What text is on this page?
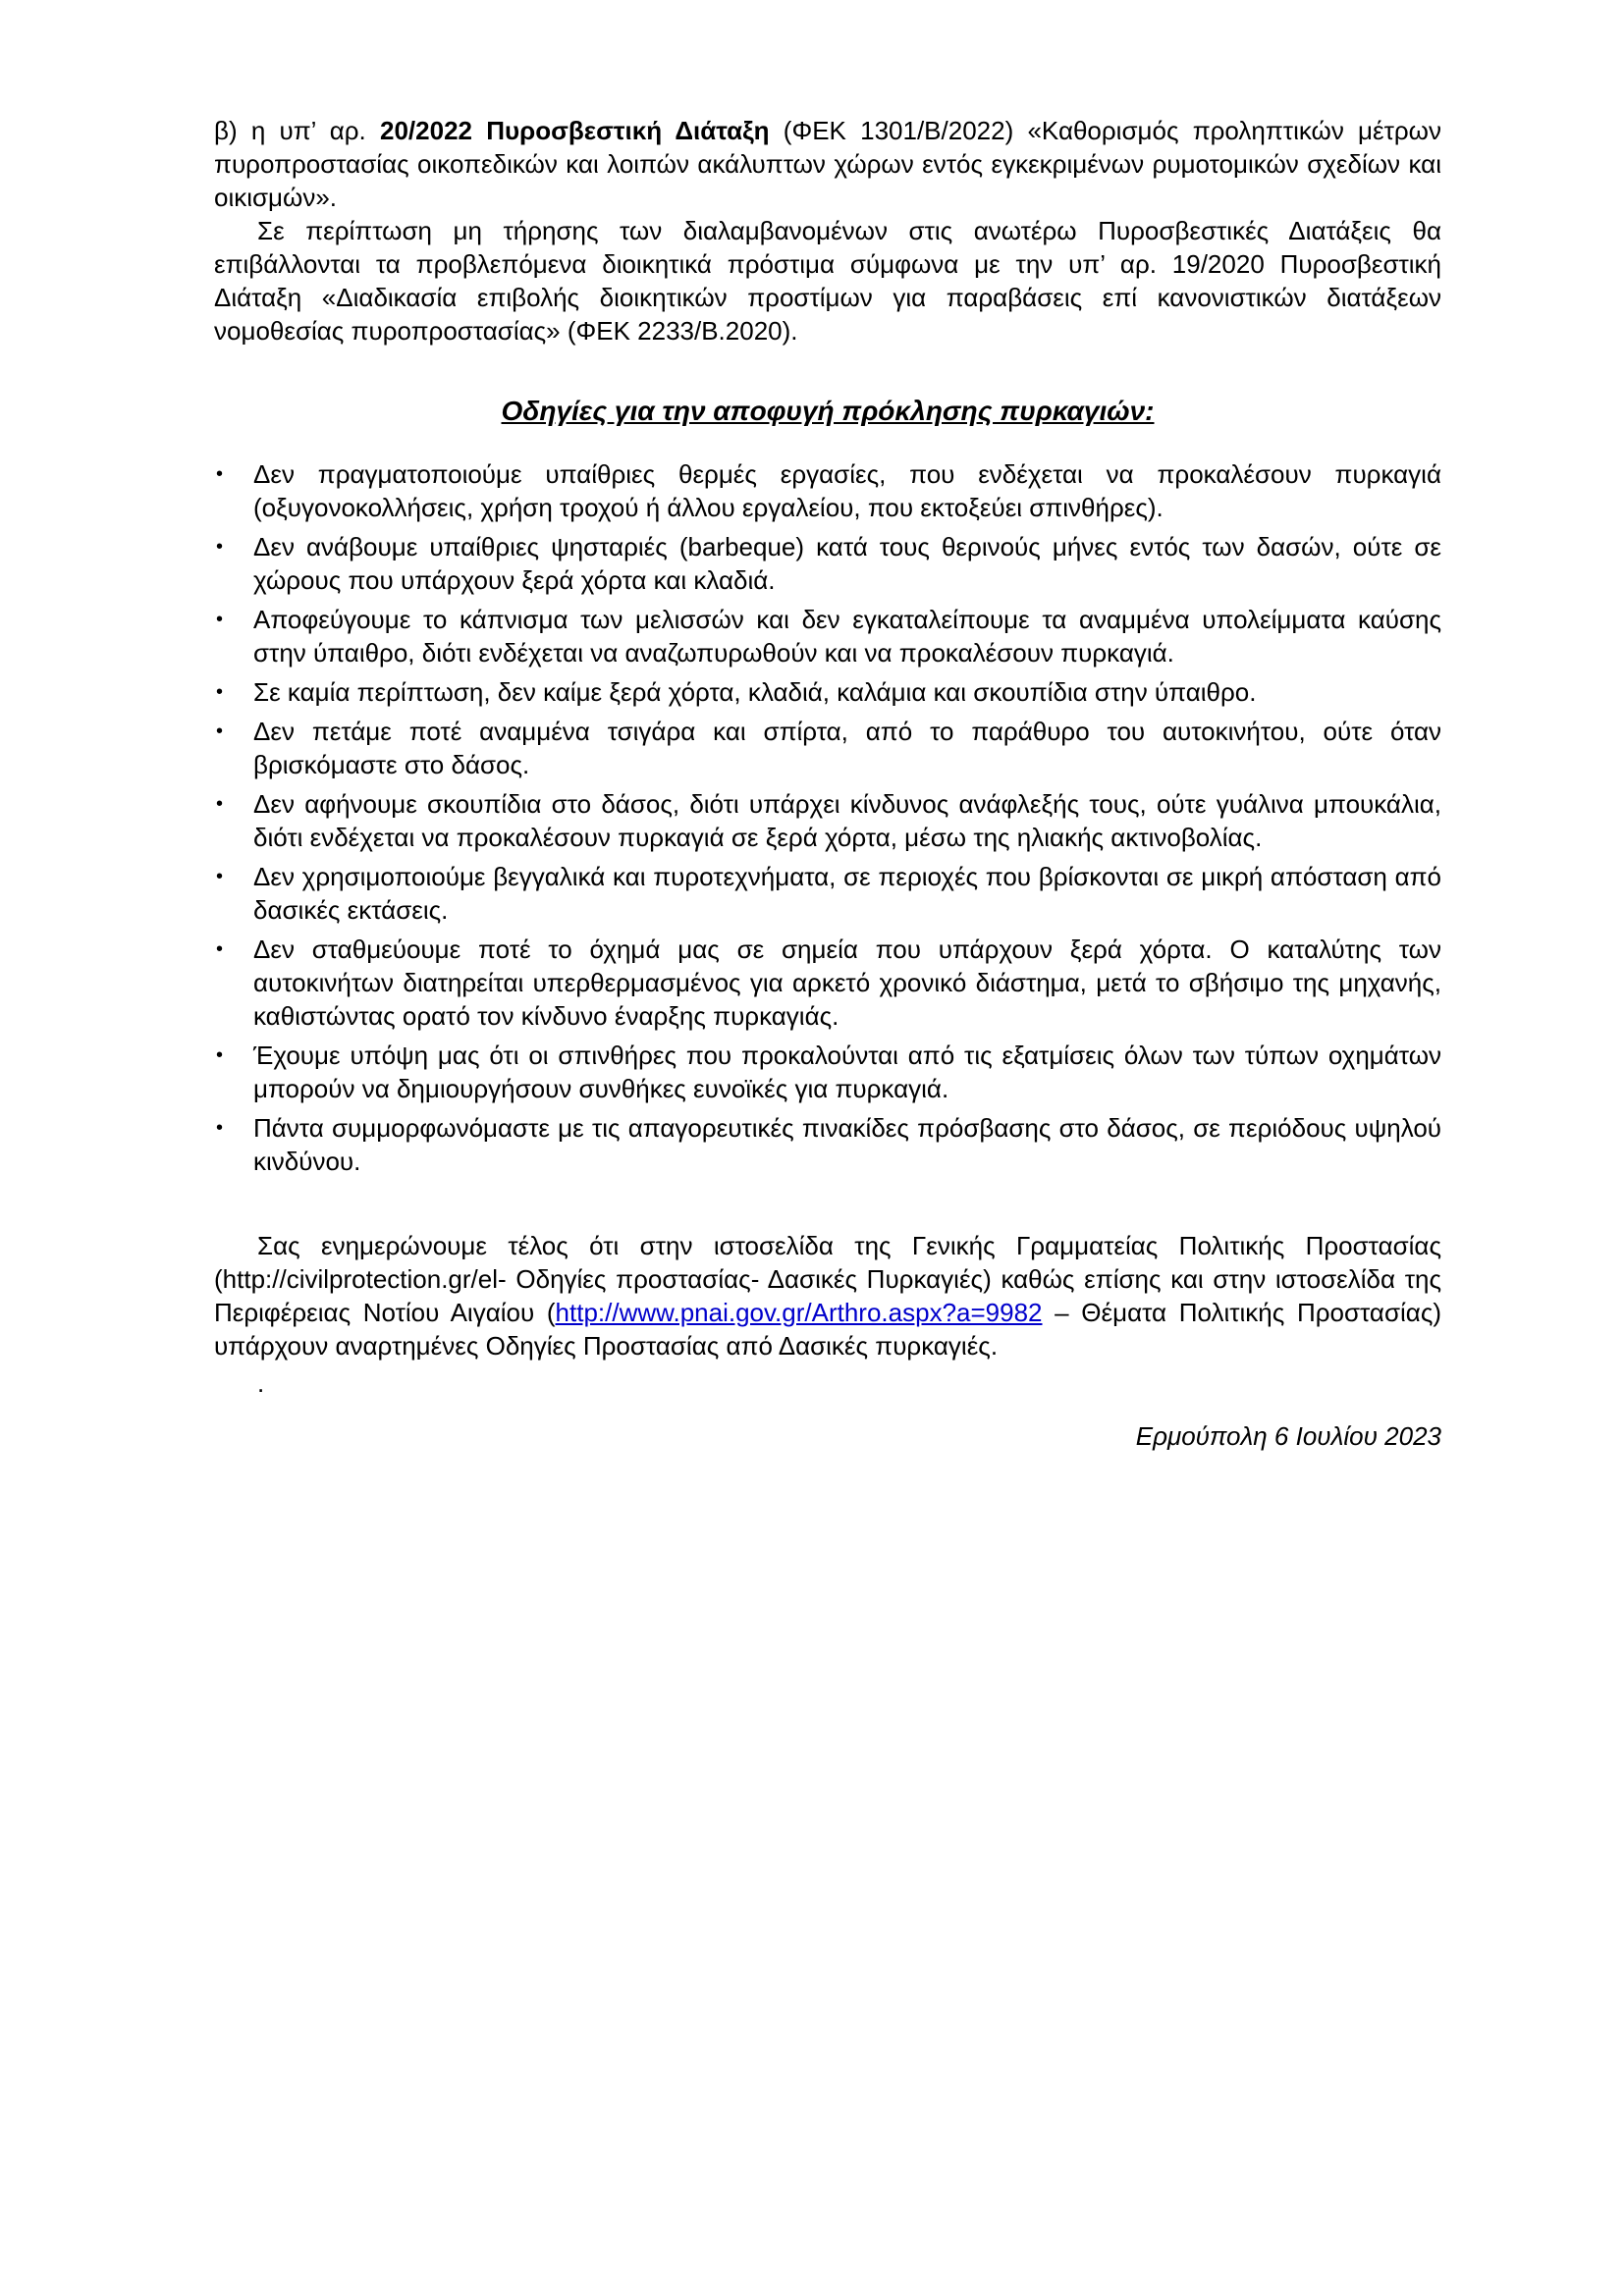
β) η υπ’ αρ. 20/2022 Πυροσβεστική Διάταξη (ΦΕΚ 1301/Β/2022) «Καθορισμός προληπτικών μέτρων πυροπροστασίας οικοπεδικών και λοιπών ακάλυπτων χώρων εντός εγκεκριμένων ρυμοτομικών σχεδίων και οικισμών».

Σε περίπτωση μη τήρησης των διαλαμβανομένων στις ανωτέρω Πυροσβεστικές Διατάξεις θα επιβάλλονται τα προβλεπόμενα διοικητικά πρόστιμα σύμφωνα με την υπ’ αρ. 19/2020 Πυροσβεστική Διάταξη «Διαδικασία επιβολής διοικητικών προστίμων για παραβάσεις επί κανονιστικών διατάξεων νομοθεσίας πυροπροστασίας» (ΦΕΚ 2233/Β.2020).

Οδηγίες για την αποφυγή πρόκλησης πυρκαγιών:
• Δεν πραγματοποιούμε υπαίθριες θερμές εργασίες, που ενδέχεται να προκαλέσουν πυρκαγιά (οξυγονοκολλήσεις, χρήση τροχού ή άλλου εργαλείου, που εκτοξεύει σπινθήρες).
• Δεν ανάβουμε υπαίθριες ψησταριές (barbeque) κατά τους θερινούς μήνες εντός των δασών, ούτε σε χώρους που υπάρχουν ξερά χόρτα και κλαδιά.
• Αποφεύγουμε το κάπνισμα των μελισσών και δεν εγκαταλείπουμε τα αναμμένα υπολείμματα καύσης στην ύπαιθρο, διότι ενδέχεται να αναζωπυρωθούν και να προκαλέσουν πυρκαγιά.
• Σε καμία περίπτωση, δεν καίμε ξερά χόρτα, κλαδιά, καλάμια και σκουπίδια στην ύπαιθρο.
• Δεν πετάμε ποτέ αναμμένα τσιγάρα και σπίρτα, από το παράθυρο του αυτοκινήτου, ούτε όταν βρισκόμαστε στο δάσος.
• Δεν αφήνουμε σκουπίδια στο δάσος, διότι υπάρχει κίνδυνος ανάφλεξής τους, ούτε γυάλινα μπουκάλια, διότι ενδέχεται να προκαλέσουν πυρκαγιά σε ξερά χόρτα, μέσω της ηλιακής ακτινοβολίας.
• Δεν χρησιμοποιούμε βεγγαλικά και πυροτεχνήματα, σε περιοχές που βρίσκονται σε μικρή απόσταση από δασικές εκτάσεις.
• Δεν σταθμεύουμε ποτέ το όχημά μας σε σημεία που υπάρχουν ξερά χόρτα. Ο καταλύτης των αυτοκινήτων διατηρείται υπερθερμασμένος για αρκετό χρονικό διάστημα, μετά το σβήσιμο της μηχανής, καθιστώντας ορατό τον κίνδυνο έναρξης πυρκαγιάς.
• Έχουμε υπόψη μας ότι οι σπινθήρες που προκαλούνται από τις εξατμίσεις όλων των τύπων οχημάτων μπορούν να δημιουργήσουν συνθήκες ευνοϊκές για πυρκαγιά.
• Πάντα συμμορφωνόμαστε με τις απαγορευτικές πινακίδες πρόσβασης στο δάσος, σε περιόδους υψηλού κινδύνου.

Σας ενημερώνουμε τέλος ότι στην ιστοσελίδα της Γενικής Γραμματείας Πολιτικής Προστασίας (http://civilprotection.gr/el- Οδηγίες προστασίας- Δασικές Πυρκαγιές) καθώς επίσης και στην ιστοσελίδα της Περιφέρειας Νοτίου Αιγαίου (http://www.pnai.gov.gr/Arthro.aspx?a=9982 – Θέματα Πολιτικής Προστασίας) υπάρχουν αναρτημένες Οδηγίες Προστασίας από Δασικές πυρκαγιές.

.
Ερμούπολη 6 Ιουλίου 2023
